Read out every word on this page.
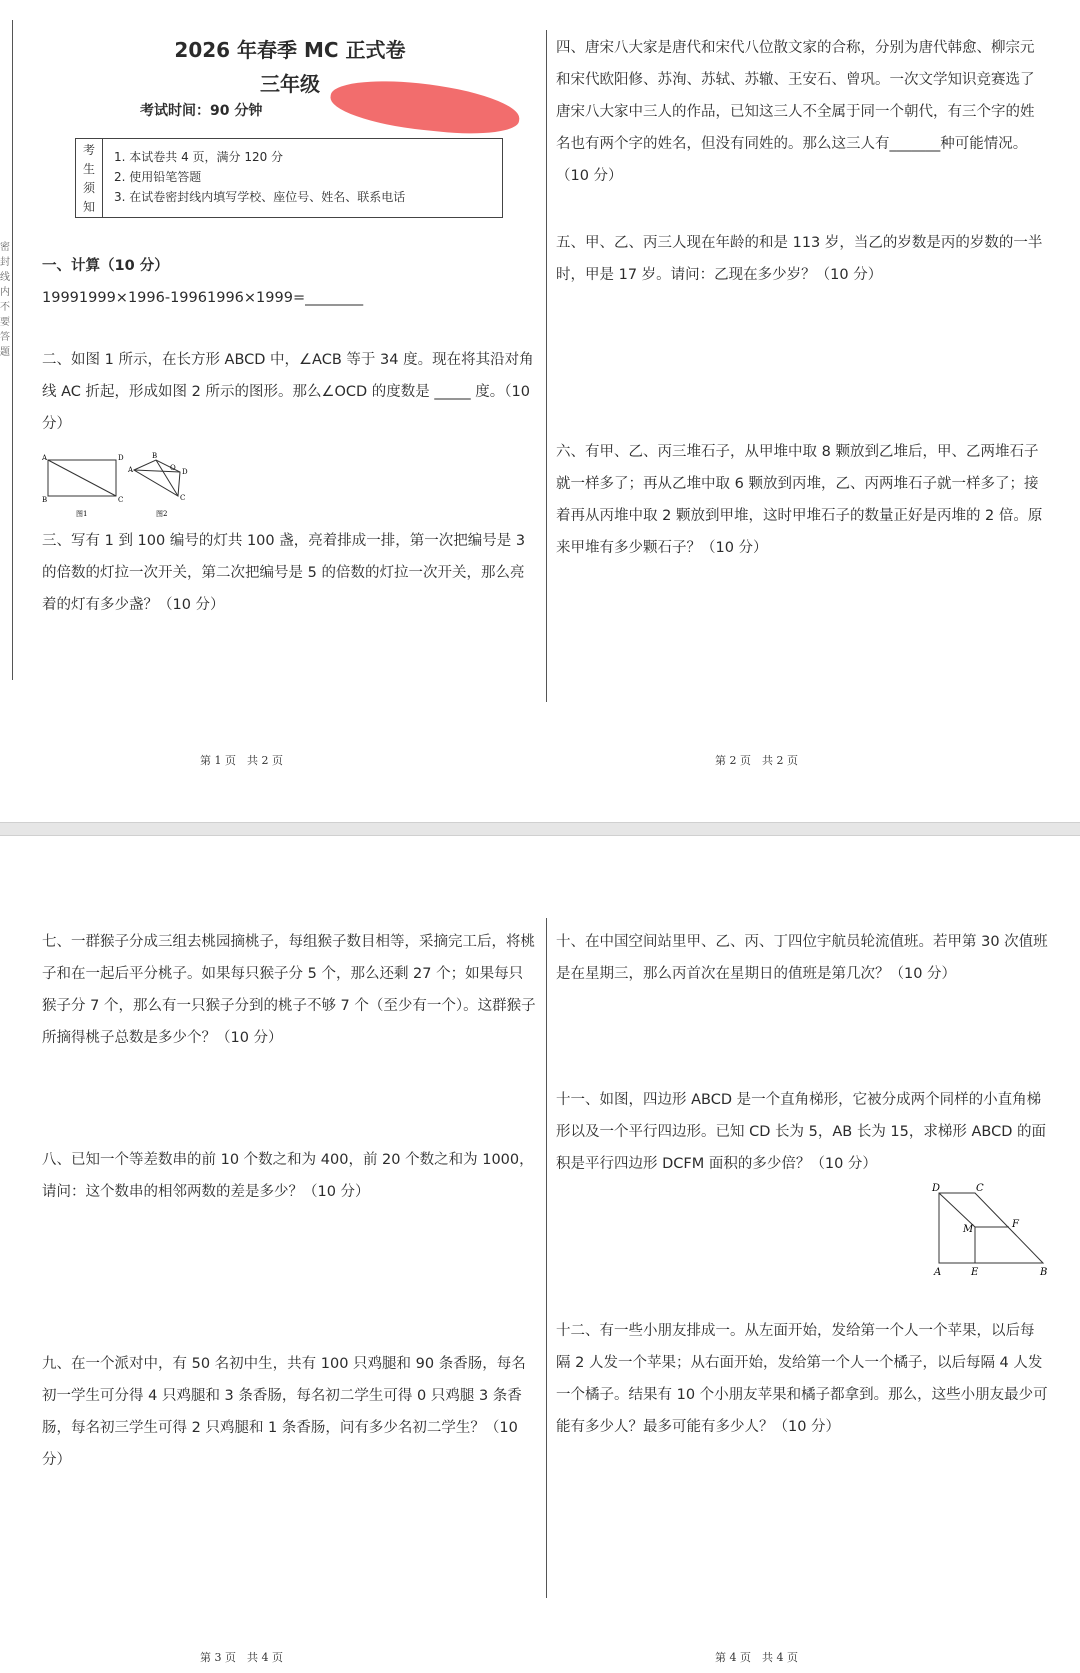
密封线内不要答题
2026 年春季 MC 正式卷
三年级
考试时间：90 分钟
考生须知
1. 本试卷共 4 页，满分 120 分
2. 使用铅笔答题
3. 在试卷密封线内填写学校、座位号、姓名、联系电话

一、计算（10 分）

19991999×1996-19961996×1999=________

二、如图 1 所示，在长方形 ABCD 中，∠ACB 等于 34 度。现在将其沿对角线 AC 折起，形成如图 2 所示的图形。那么∠OCD 的度数是 _____ 度。（10 分）

A	D
B	C
图1
B
A	O D
C
图2

三、写有 1 到 100 编号的灯共 100 盏，亮着排成一排，第一次把编号是 3 的倍数的灯拉一次开关，第二次把编号是 5 的倍数的灯拉一次开关，那么亮着的灯有多少盏？（10 分）

第 1 页　共 2 页

四、唐宋八大家是唐代和宋代八位散文家的合称，分别为唐代韩愈、柳宗元和宋代欧阳修、苏洵、苏轼、苏辙、王安石、曾巩。一次文学知识竞赛选了唐宋八大家中三人的作品，已知这三人不全属于同一个朝代，有三个字的姓名也有两个字的姓名，但没有同姓的。那么这三人有_______种可能情况。（10 分）

五、甲、乙、丙三人现在年龄的和是 113 岁，当乙的岁数是丙的岁数的一半时，甲是 17 岁。请问：乙现在多少岁？（10 分）

六、有甲、乙、丙三堆石子，从甲堆中取 8 颗放到乙堆后，甲、乙两堆石子就一样多了；再从乙堆中取 6 颗放到丙堆，乙、丙两堆石子就一样多了；接着再从丙堆中取 2 颗放到甲堆，这时甲堆石子的数量正好是丙堆的 2 倍。原来甲堆有多少颗石子？（10 分）

第 2 页　共 2 页

七、一群猴子分成三组去桃园摘桃子，每组猴子数目相等，采摘完工后，将桃子和在一起后平分桃子。如果每只猴子分 5 个，那么还剩 27 个；如果每只猴子分 7 个，那么有一只猴子分到的桃子不够 7 个（至少有一个）。这群猴子所摘得桃子总数是多少个？（10 分）

八、已知一个等差数串的前 10 个数之和为 400，前 20 个数之和为 1000，请问：这个数串的相邻两数的差是多少？（10 分）

九、在一个派对中，有 50 名初中生，共有 100 只鸡腿和 90 条香肠，每名初一学生可分得 4 只鸡腿和 3 条香肠，每名初二学生可得 0 只鸡腿 3 条香肠，每名初三学生可得 2 只鸡腿和 1 条香肠，问有多少名初二学生？（10 分）

第 3 页　共 4 页

十、在中国空间站里甲、乙、丙、丁四位宇航员轮流值班。若甲第 30 次值班是在星期三，那么丙首次在星期日的值班是第几次？（10 分）

十一、如图，四边形 ABCD 是一个直角梯形，它被分成两个同样的小直角梯形以及一个平行四边形。已知 CD 长为 5，AB 长为 15，求梯形 ABCD 的面积是平行四边形 DCFM 面积的多少倍？（10 分）

D	C
M	F
A	E	B

十二、有一些小朋友排成一。从左面开始，发给第一个人一个苹果，以后每隔 2 人发一个苹果；从右面开始，发给第一个人一个橘子，以后每隔 4 人发一个橘子。结果有 10 个小朋友苹果和橘子都拿到。那么，这些小朋友最少可能有多少人？最多可能有多少人？（10 分）

第 4 页　共 4 页
